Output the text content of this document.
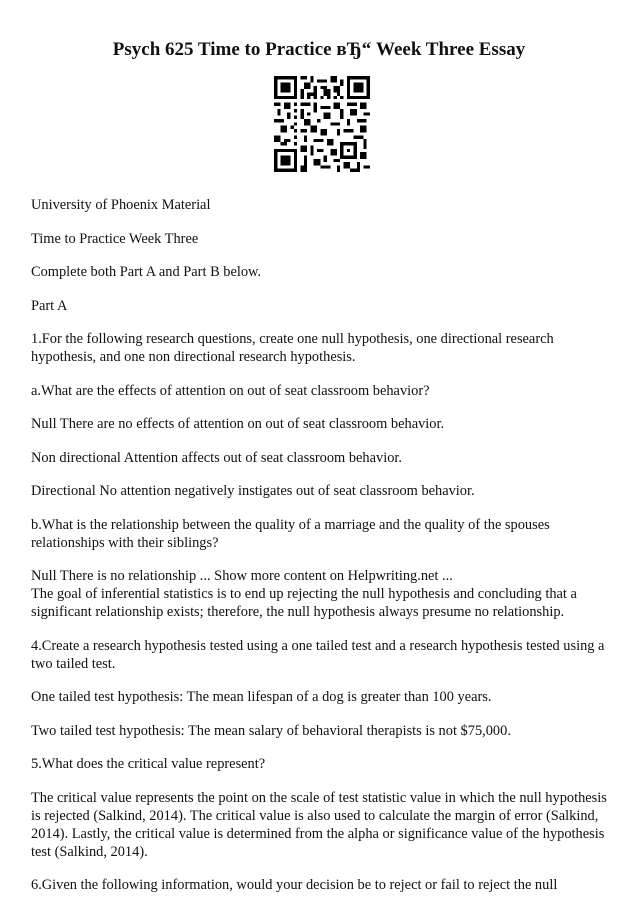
Psych 625 Time to Practice вЂ“ Week Three Essay

University of Phoenix Material

Time to Practice Week Three

Complete both Part A and Part B below.

Part A

1.For the following research questions, create one null hypothesis, one directional research hypothesis, and one non directional research hypothesis.

a.What are the effects of attention on out of seat classroom behavior?

Null There are no effects of attention on out of seat classroom behavior.

Non directional Attention affects out of seat classroom behavior.

Directional No attention negatively instigates out of seat classroom behavior.

b.What is the relationship between the quality of a marriage and the quality of the spouses relationships with their siblings?

Null There is no relationship ... Show more content on Helpwriting.net ...

The goal of inferential statistics is to end up rejecting the null hypothesis and concluding that a significant relationship exists; therefore, the null hypothesis always presume no relationship.

4.Create a research hypothesis tested using a one tailed test and a research hypothesis tested using a two tailed test.

One tailed test hypothesis: The mean lifespan of a dog is greater than 100 years.

Two tailed test hypothesis: The mean salary of behavioral therapists is not $75,000.

5.What does the critical value represent?

The critical value represents the point on the scale of test statistic value in which the null hypothesis is rejected (Salkind, 2014). The critical value is also used to calculate the margin of error (Salkind, 2014). Lastly, the critical value is determined from the alpha or significance value of the hypothesis test (Salkind, 2014).

6.Given the following information, would your decision be to reject or fail to reject the null
